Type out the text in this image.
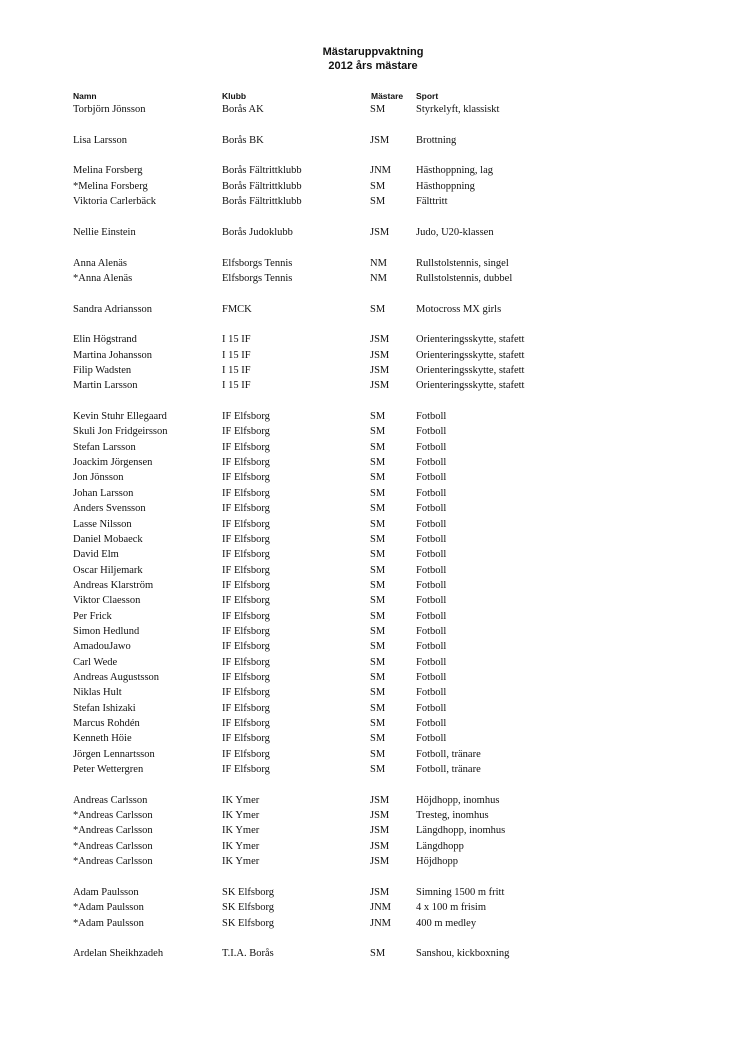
Mästaruppvaktning
2012 års mästare
Namn	Klubb	Mästare Sport
Torbjörn Jönsson	Borås AK	SM	Styrkelyft, klassiskt
Lisa Larsson	Borås BK	JSM	Brottning
Melina Forsberg	Borås Fältrittklubb	JNM Hästhoppning, lag
*Melina Forsberg	Borås Fältrittklubb	SM	Hästhoppning
Viktoria Carlerbäck	Borås Fältrittklubb	SM	Fälttritt
Nellie Einstein	Borås Judoklubb	JSM	Judo, U20-klassen
Anna Alenäs	Elfsborgs Tennis	NM	Rullstolstennis, singel
*Anna Alenäs	Elfsborgs Tennis	NM	Rullstolstennis, dubbel
Sandra Adriansson	FMCK	SM	Motocross MX girls
Elin Högstrand	I 15 IF	JSM	Orienteringsskytte, stafett
Martina Johansson	I 15 IF	JSM	Orienteringsskytte, stafett
Filip Wadsten	I 15 IF	JSM	Orienteringsskytte, stafett
Martin Larsson	I 15 IF	JSM	Orienteringsskytte, stafett
Kevin Stuhr Ellegaard	IF Elfsborg	SM	Fotboll
Skuli Jon Fridgeirsson	IF Elfsborg	SM	Fotboll
Stefan Larsson	IF Elfsborg	SM	Fotboll
Joackim Jörgensen	IF Elfsborg	SM	Fotboll
Jon Jönsson	IF Elfsborg	SM	Fotboll
Johan Larsson	IF Elfsborg	SM	Fotboll
Anders Svensson	IF Elfsborg	SM	Fotboll
Lasse Nilsson	IF Elfsborg	SM	Fotboll
Daniel Mobaeck	IF Elfsborg	SM	Fotboll
David Elm	IF Elfsborg	SM	Fotboll
Oscar Hiljemark	IF Elfsborg	SM	Fotboll
Andreas Klarström	IF Elfsborg	SM	Fotboll
Viktor Claesson	IF Elfsborg	SM	Fotboll
Per Frick	IF Elfsborg	SM	Fotboll
Simon Hedlund	IF Elfsborg	SM	Fotboll
AmadouJawo	IF Elfsborg	SM	Fotboll
Carl Wede	IF Elfsborg	SM	Fotboll
Andreas Augustsson	IF Elfsborg	SM	Fotboll
Niklas Hult	IF Elfsborg	SM	Fotboll
Stefan Ishizaki	IF Elfsborg	SM	Fotboll
Marcus Rohdén	IF Elfsborg	SM	Fotboll
Kenneth Höie	IF Elfsborg	SM	Fotboll
Jörgen Lennartsson	IF Elfsborg	SM	Fotboll, tränare
Peter Wettergren	IF Elfsborg	SM	Fotboll, tränare
Andreas Carlsson	IK Ymer	JSM	Höjdhopp, inomhus
*Andreas Carlsson	IK Ymer	JSM	Tresteg, inomhus
*Andreas Carlsson	IK Ymer	JSM	Längdhopp, inomhus
*Andreas Carlsson	IK Ymer	JSM	Längdhopp
*Andreas Carlsson	IK Ymer	JSM	Höjdhopp
Adam Paulsson	SK Elfsborg	JSM	Simning 1500 m fritt
*Adam Paulsson	SK Elfsborg	JNM 4 x 100 m frisim
*Adam Paulsson	SK Elfsborg	JNM 400 m medley
Ardelan Sheikhzadeh	T.I.A. Borås	SM	Sanshou, kickboxning
